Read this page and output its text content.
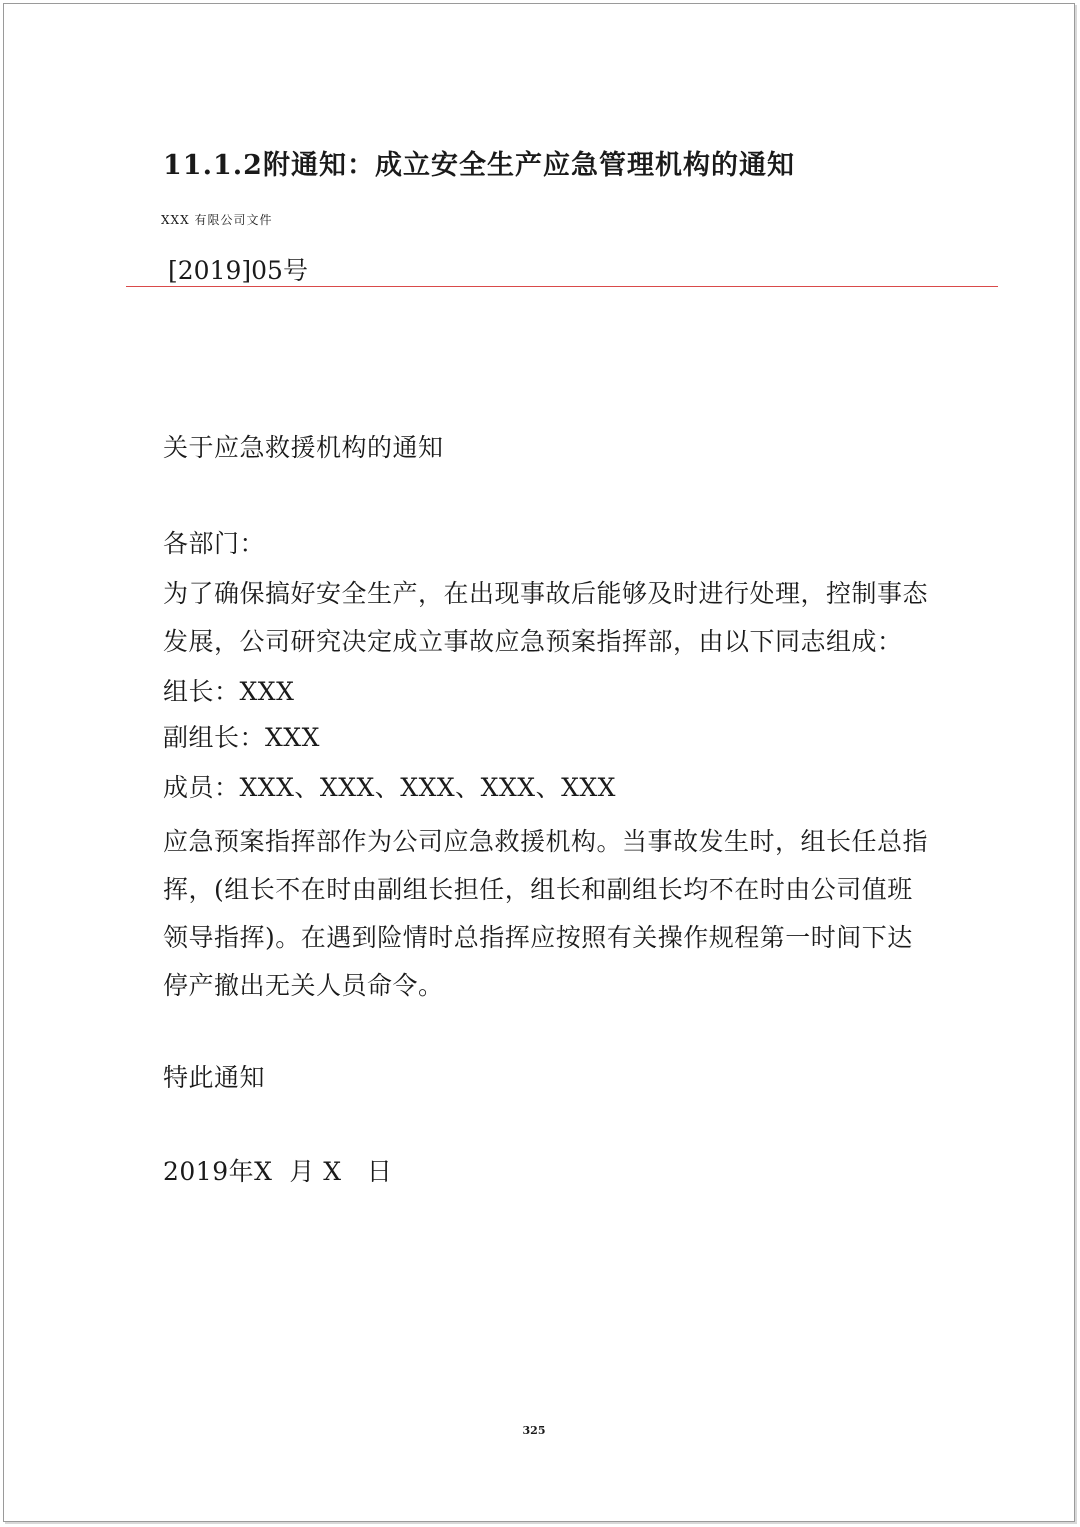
11.1.2附通知：成立安全生产应急管理机构的通知
XXX 有限公司文件
[2019]05号
关于应急救援机构的通知
各部门：
为了确保搞好安全生产，在出现事故后能够及时进行处理，控制事态
发展，公司研究决定成立事故应急预案指挥部，由以下同志组成：
组长：XXX
副组长：XXX
成员：XXX、XXX、XXX、XXX、XXX
应急预案指挥部作为公司应急救援机构。当事故发生时，组长任总指
挥，(组长不在时由副组长担任，组长和副组长均不在时由公司值班
领导指挥)。在遇到险情时总指挥应按照有关操作规程第一时间下达
停产撤出无关人员命令。
特此通知
2019年X  月 X   日
325
